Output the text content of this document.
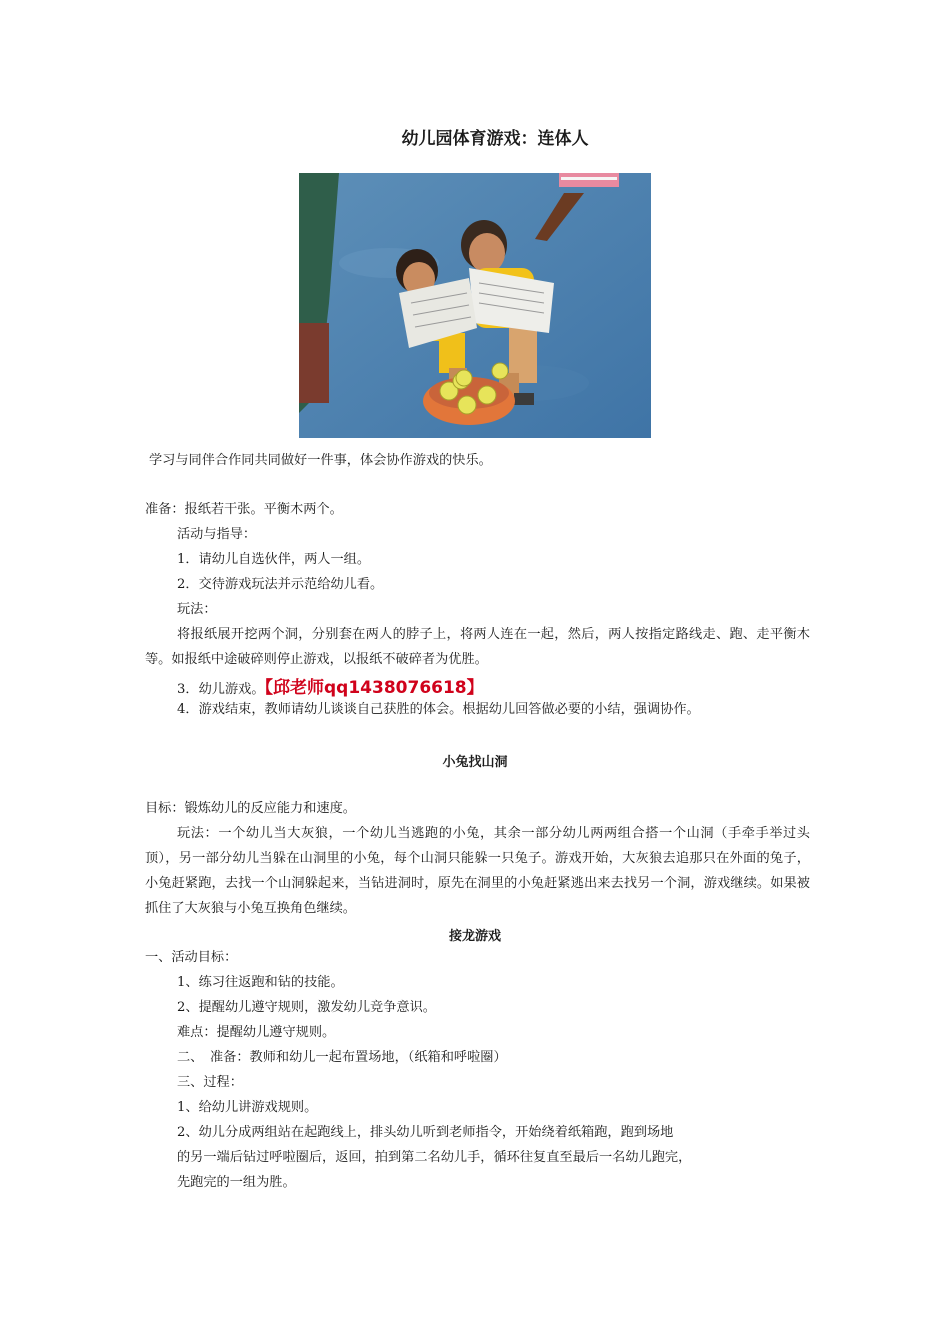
幼儿园体育游戏：连体人
学习与同伴合作同共同做好一件事，体会协作游戏的快乐。
准备：报纸若干张。平衡木两个。
活动与指导：
1．请幼儿自选伙伴，两人一组。
2．交待游戏玩法并示范给幼儿看。
玩法：
将报纸展开挖两个洞，分别套在两人的脖子上，将两人连在一起，然后，两人按指定路线走、跑、走平衡木等。如报纸中途破碎则停止游戏，以报纸不破碎者为优胜。
3．幼儿游戏。【邱老师qq1438076618】
4．游戏结束，教师请幼儿谈谈自己获胜的体会。根据幼儿回答做必要的小结，强调协作。
小兔找山洞
目标：锻炼幼儿的反应能力和速度。
玩法：一个幼儿当大灰狼，一个幼儿当逃跑的小兔，其余一部分幼儿两两组合搭一个山洞（手牵手举过头顶），另一部分幼儿当躲在山洞里的小兔，每个山洞只能躲一只兔子。游戏开始，大灰狼去追那只在外面的兔子，小兔赶紧跑，去找一个山洞躲起来，当钻进洞时，原先在洞里的小兔赶紧逃出来去找另一个洞，游戏继续。如果被抓住了大灰狼与小兔互换角色继续。
接龙游戏
一、活动目标：
1、练习往返跑和钻的技能。
2、提醒幼儿遵守规则，激发幼儿竞争意识。
难点：提醒幼儿遵守规则。
二、　准备：教师和幼儿一起布置场地，（纸箱和呼啦圈）
三、过程：
1、给幼儿讲游戏规则。
2、幼儿分成两组站在起跑线上，排头幼儿听到老师指令，开始绕着纸箱跑，跑到场地
的另一端后钻过呼啦圈后，返回，拍到第二名幼儿手，循环往复直至最后一名幼儿跑完，
先跑完的一组为胜。
